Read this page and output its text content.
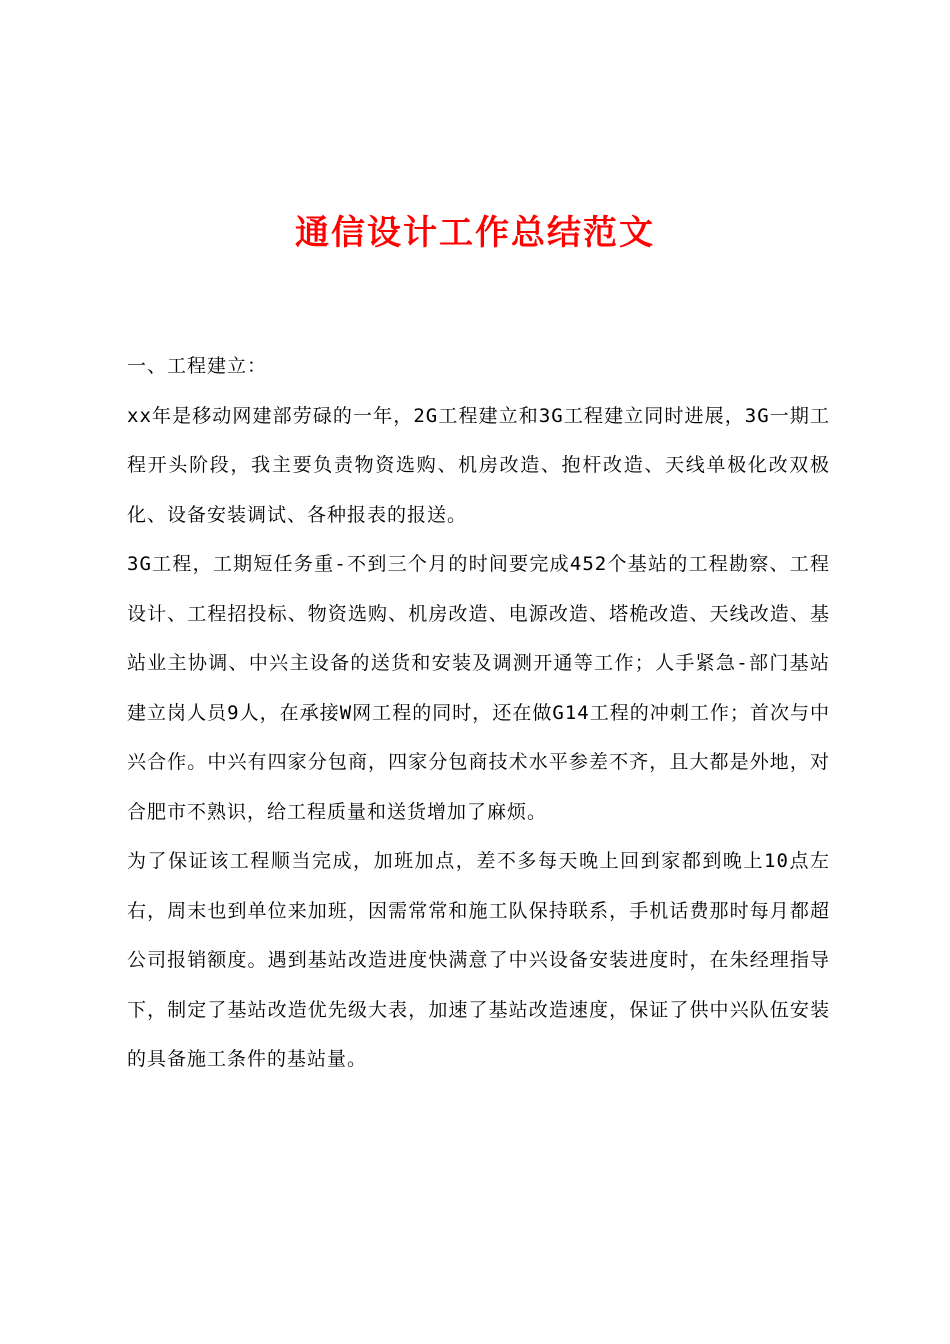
通信设计工作总结范文

一、工程建立：

xx年是移动网建部劳碌的一年，2G工程建立和3G工程建立同时进展，3G一期工程开头阶段，我主要负责物资选购、机房改造、抱杆改造、天线单极化改双极化、设备安装调试、各种报表的报送。

3G工程，工期短任务重-不到三个月的时间要完成452个基站的工程勘察、工程设计、工程招投标、物资选购、机房改造、电源改造、塔桅改造、天线改造、基站业主协调、中兴主设备的送货和安装及调测开通等工作；人手紧急-部门基站建立岗人员9人，在承接W网工程的同时，还在做G14工程的冲刺工作；首次与中兴合作。中兴有四家分包商，四家分包商技术水平参差不齐，且大都是外地，对合肥市不熟识，给工程质量和送货增加了麻烦。

为了保证该工程顺当完成，加班加点，差不多每天晚上回到家都到晚上10点左右，周末也到单位来加班，因需常常和施工队保持联系，手机话费那时每月都超公司报销额度。遇到基站改造进度快满意了中兴设备安装进度时，在朱经理指导下，制定了基站改造优先级大表，加速了基站改造速度，保证了供中兴队伍安装的具备施工条件的基站量。
